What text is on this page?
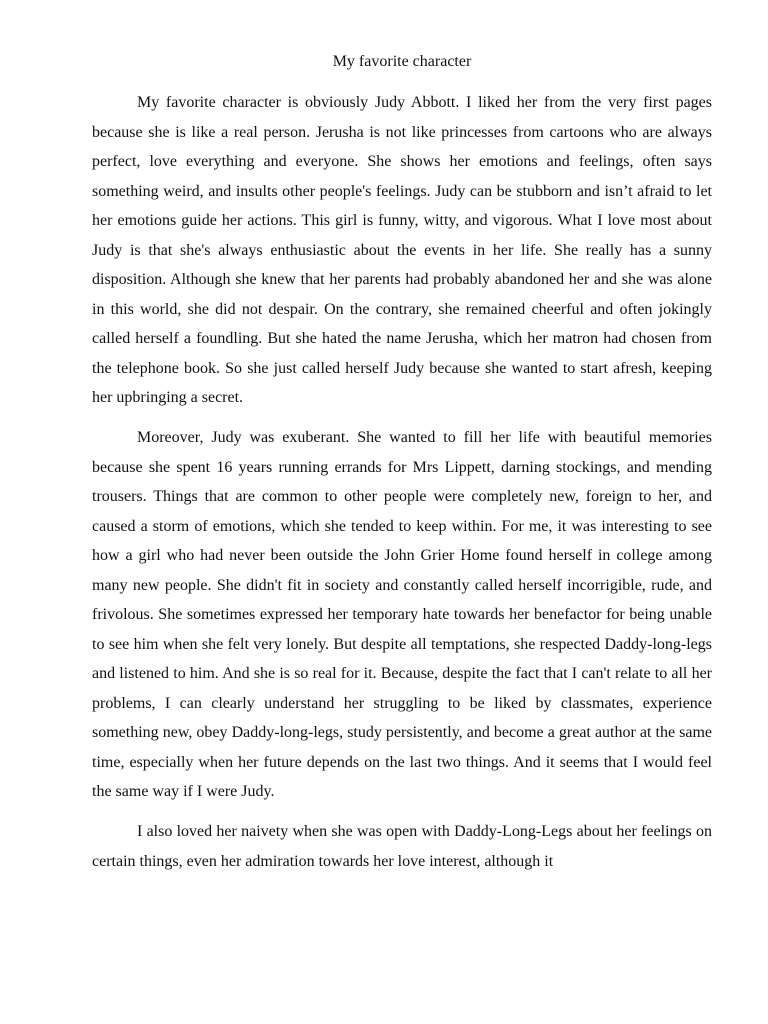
My favorite character

My favorite character is obviously Judy Abbott. I liked her from the very first pages because she is like a real person. Jerusha is not like princesses from cartoons who are always perfect, love everything and everyone. She shows her emotions and feelings, often says something weird, and insults other people's feelings. Judy can be stubborn and isn’t afraid to let her emotions guide her actions. This girl is funny, witty, and vigorous. What I love most about Judy is that she's always enthusiastic about the events in her life. She really has a sunny disposition. Although she knew that her parents had probably abandoned her and she was alone in this world, she did not despair. On the contrary, she remained cheerful and often jokingly called herself a foundling. But she hated the name Jerusha, which her matron had chosen from the telephone book. So she just called herself Judy because she wanted to start afresh, keeping her upbringing a secret.

Moreover, Judy was exuberant. She wanted to fill her life with beautiful memories because she spent 16 years running errands for Mrs Lippett, darning stockings, and mending trousers. Things that are common to other people were completely new, foreign to her, and caused a storm of emotions, which she tended to keep within. For me, it was interesting to see how a girl who had never been outside the John Grier Home found herself in college among many new people. She didn't fit in society and constantly called herself incorrigible, rude, and frivolous. She sometimes expressed her temporary hate towards her benefactor for being unable to see him when she felt very lonely. But despite all temptations, she respected Daddy-long-legs and listened to him. And she is so real for it. Because, despite the fact that I can't relate to all her problems, I can clearly understand her struggling to be liked by classmates, experience something new, obey Daddy-long-legs, study persistently, and become a great author at the same time, especially when her future depends on the last two things. And it seems that I would feel the same way if I were Judy.

I also loved her naivety when she was open with Daddy-Long-Legs about her feelings on certain things, even her admiration towards her love interest, although it
